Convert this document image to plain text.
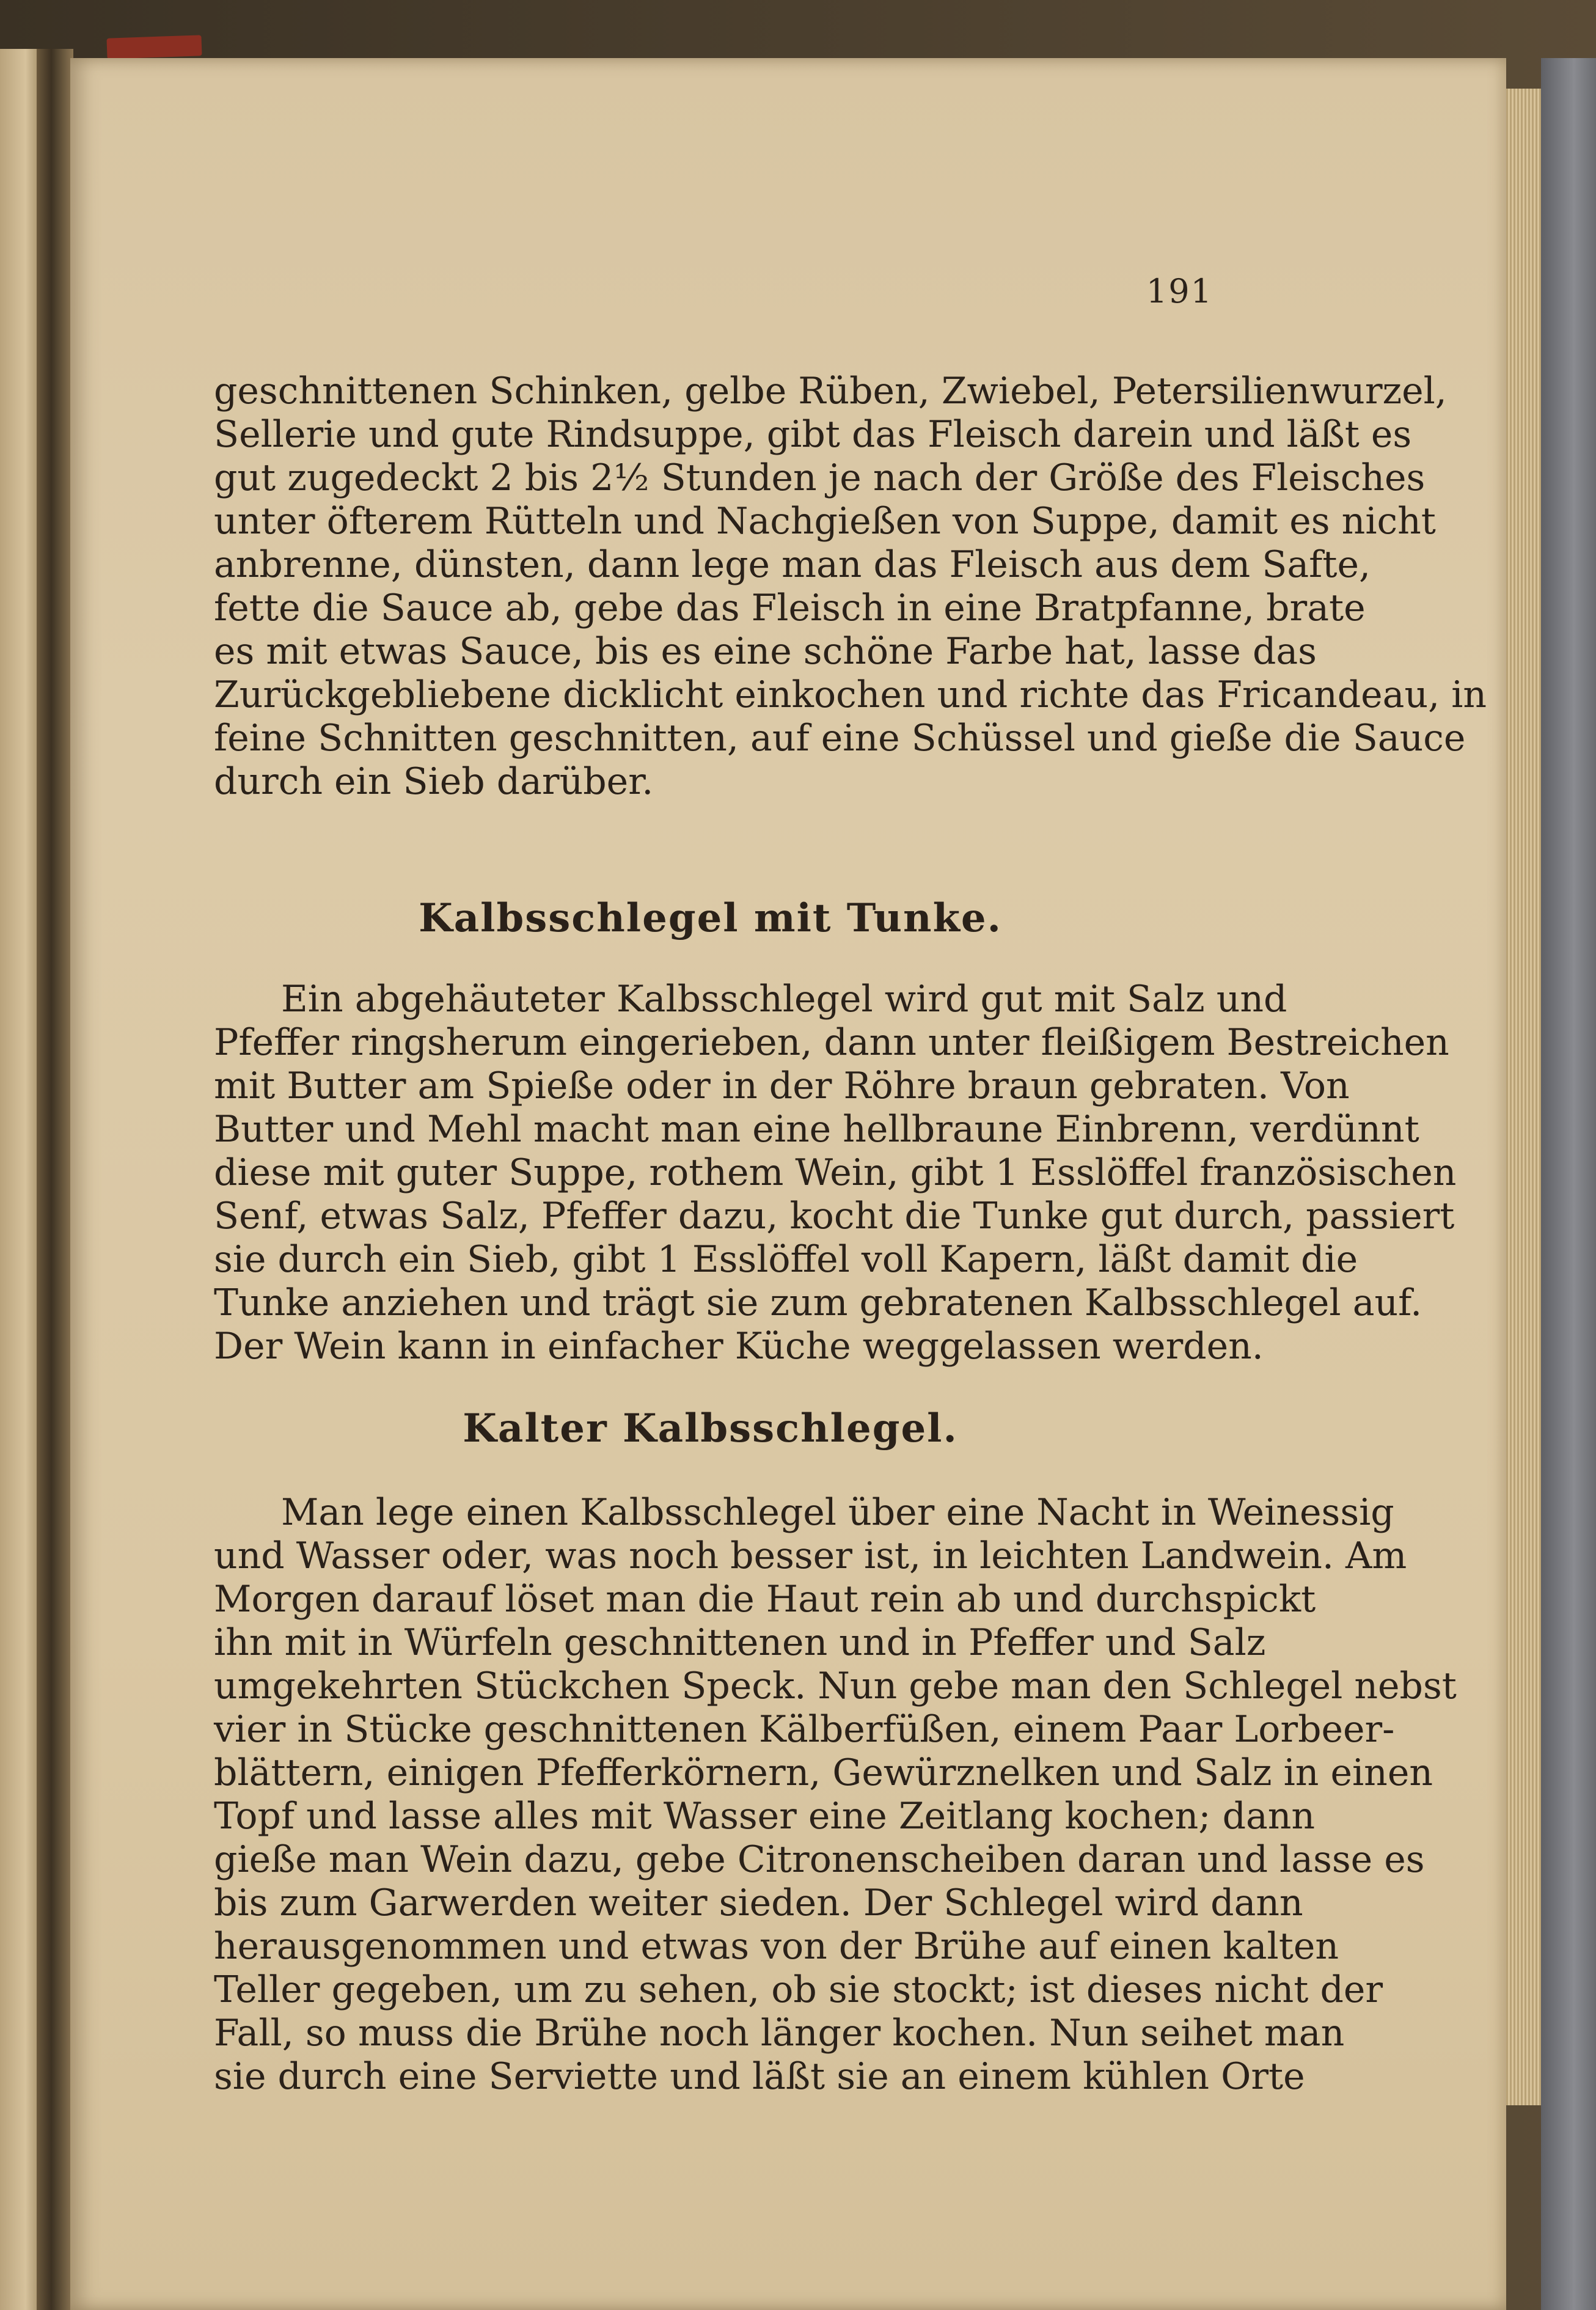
191
geschnittenen Schinken, gelbe Rüben, Zwiebel, Petersilienwurzel,
Sellerie und gute Rindsuppe, gibt das Fleisch darein und läßt es
gut zugedeckt 2 bis 2½ Stunden je nach der Größe des Fleisches
unter öfterem Rütteln und Nachgießen von Suppe, damit es nicht
anbrenne, dünsten, dann lege man das Fleisch aus dem Safte,
fette die Sauce ab, gebe das Fleisch in eine Bratpfanne, brate
es mit etwas Sauce, bis es eine schöne Farbe hat, lasse das
Zurückgebliebene dicklicht einkochen und richte das Fricandeau, in
feine Schnitten geschnitten, auf eine Schüssel und gieße die Sauce
durch ein Sieb darüber.
Kalbsschlegel mit Tunke.
Ein abgehäuteter Kalbsschlegel wird gut mit Salz und
Pfeffer ringsherum eingerieben, dann unter fleißigem Bestreichen
mit Butter am Spieße oder in der Röhre braun gebraten. Von
Butter und Mehl macht man eine hellbraune Einbrenn, verdünnt
diese mit guter Suppe, rothem Wein, gibt 1 Esslöffel französischen
Senf, etwas Salz, Pfeffer dazu, kocht die Tunke gut durch, passiert
sie durch ein Sieb, gibt 1 Esslöffel voll Kapern, läßt damit die
Tunke anziehen und trägt sie zum gebratenen Kalbsschlegel auf.
Der Wein kann in einfacher Küche weggelassen werden.
Kalter Kalbsschlegel.
Man lege einen Kalbsschlegel über eine Nacht in Weinessig
und Wasser oder, was noch besser ist, in leichten Landwein. Am
Morgen darauf löset man die Haut rein ab und durchspickt
ihn mit in Würfeln geschnittenen und in Pfeffer und Salz
umgekehrten Stückchen Speck. Nun gebe man den Schlegel nebst
vier in Stücke geschnittenen Kälberfüßen, einem Paar Lorbeer-
blättern, einigen Pfefferkörnern, Gewürznelken und Salz in einen
Topf und lasse alles mit Wasser eine Zeitlang kochen; dann
gieße man Wein dazu, gebe Citronenscheiben daran und lasse es
bis zum Garwerden weiter sieden. Der Schlegel wird dann
herausgenommen und etwas von der Brühe auf einen kalten
Teller gegeben, um zu sehen, ob sie stockt; ist dieses nicht der
Fall, so muss die Brühe noch länger kochen. Nun seihet man
sie durch eine Serviette und läßt sie an einem kühlen Orte
